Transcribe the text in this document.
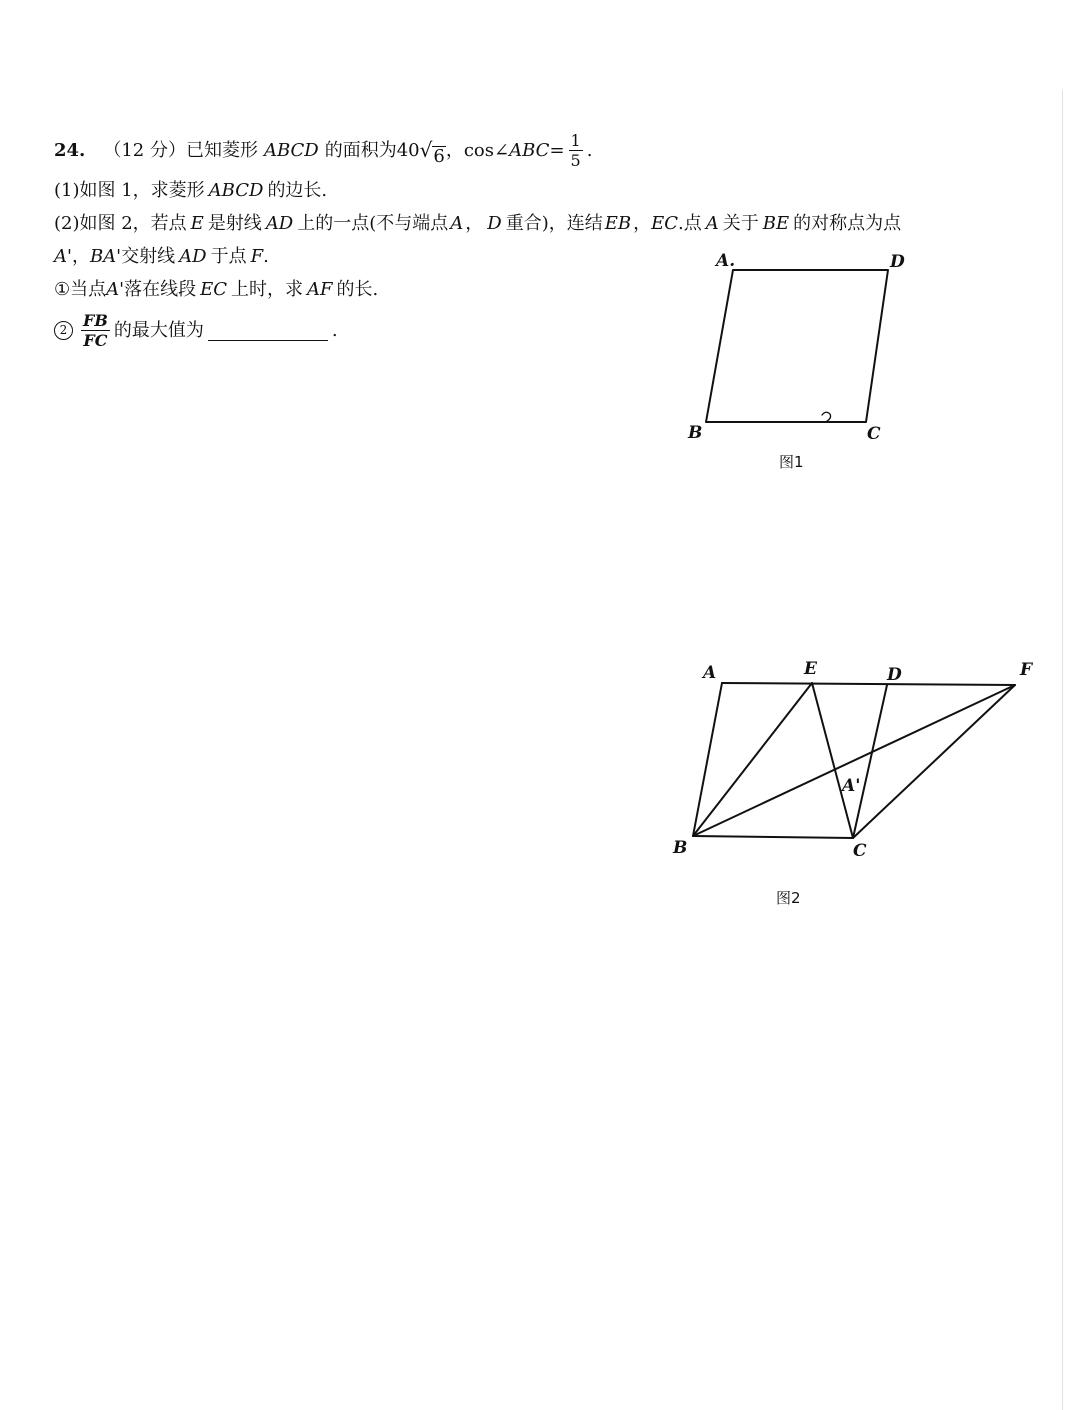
24. （12 分） 已知菱形 ABCD 的面积为 40 √ 6 ， cos∠ ABC = $\frac{1}{5}$ .
(1)如图 1，求菱形 ABCD 的边长.
(2)如图 2，若点 E 是射线 AD 上的一点(不与端点 A ， D 重合)，连结 EB ， EC .点 A 关于 BE 的对称点为点
A' ， BA' 交射线 AD 于点 F .
① 当点 A' 落在线段 EC 上时，求 AF 的长.
$2 \frac{FB}{FC}$ 的最大值为	.
A.	D
B	C
图1
A	E	D	F
A'
B	C
图2
